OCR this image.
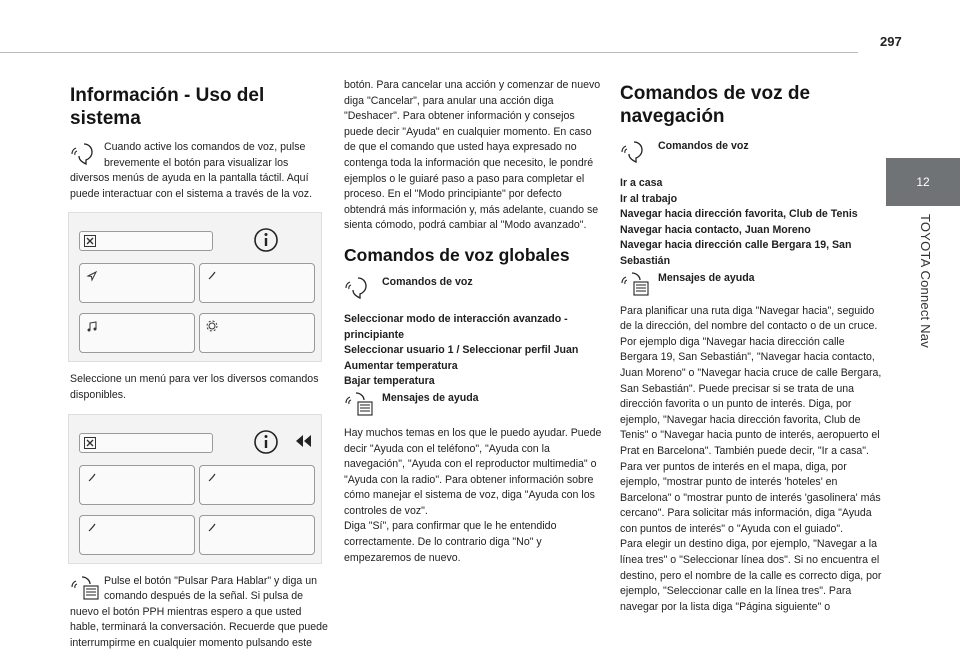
297
12
TOYOTA Connect Nav
Información - Uso del sistema
Cuando active los comandos de voz, pulse
brevemente el botón para visualizar los

diversos menús de ayuda en la pantalla táctil. Aquí puede interactuar con el sistema a través de la voz.

Seleccione un menú para ver los diversos comandos disponibles.

Pulse el botón "Pulsar Para Hablar" y diga un
comando después de la señal. Si pulsa de

nuevo el botón PPH mientras espero a que usted hable, terminará la conversación. Recuerde que puede interrumpirme en cualquier momento pulsando este

botón. Para cancelar una acción y comenzar de nuevo diga "Cancelar", para anular una acción diga "Deshacer". Para obtener información y consejos puede decir "Ayuda" en cualquier momento. En caso de que el comando que usted haya expresado no contenga toda la información que necesito, le pondré ejemplos o le guiaré paso a paso para completar el proceso. En el "Modo principiante" por defecto obtendrá más información y, más adelante, cuando se sienta cómodo, podrá cambiar al "Modo avanzado".

Comandos de voz globales
Comandos de voz
Seleccionar modo de interacción avanzado - principiante
Seleccionar usuario 1 / Seleccionar perfil Juan
Aumentar temperatura
Bajar temperatura
Mensajes de ayuda

Hay muchos temas en los que le puedo ayudar. Puede decir "Ayuda con el teléfono", "Ayuda con la navegación", "Ayuda con el reproductor multimedia" o "Ayuda con la radio". Para obtener información sobre cómo manejar el sistema de voz, diga "Ayuda con los controles de voz".

Diga "Sí", para confirmar que le he entendido correctamente. De lo contrario diga "No" y empezaremos de nuevo.

Comandos de voz de
navegación
Comandos de voz
Ir a casa
Ir al trabajo
Navegar hacia dirección favorita, Club de Tenis
Navegar hacia contacto, Juan Moreno
Navegar hacia dirección calle Bergara 19, San Sebastián
Mensajes de ayuda

Para planificar una ruta diga "Navegar hacia", seguido de la dirección, del nombre del contacto o de un cruce. Por ejemplo diga "Navegar hacia dirección calle Bergara 19, San Sebastián", "Navegar hacia contacto, Juan Moreno" o "Navegar hacia cruce de calle Bergara, San Sebastián". Puede precisar si se trata de una dirección favorita o un punto de interés. Diga, por ejemplo, "Navegar hacia dirección favorita, Club de Tenis" o "Navegar hacia punto de interés, aeropuerto el Prat en Barcelona". También puede decir, "Ir a casa". Para ver puntos de interés en el mapa, diga, por ejemplo, "mostrar punto de interés 'hoteles' en Barcelona" o "mostrar punto de interés 'gasolinera' más cercano". Para solicitar más información, diga "Ayuda con puntos de interés" o "Ayuda con el guiado".

Para elegir un destino diga, por ejemplo, "Navegar a la línea tres" o "Seleccionar línea dos". Si no encuentra el destino, pero el nombre de la calle es correcto diga, por ejemplo, "Seleccionar calle en la línea tres". Para navegar por la lista diga "Página siguiente" o
